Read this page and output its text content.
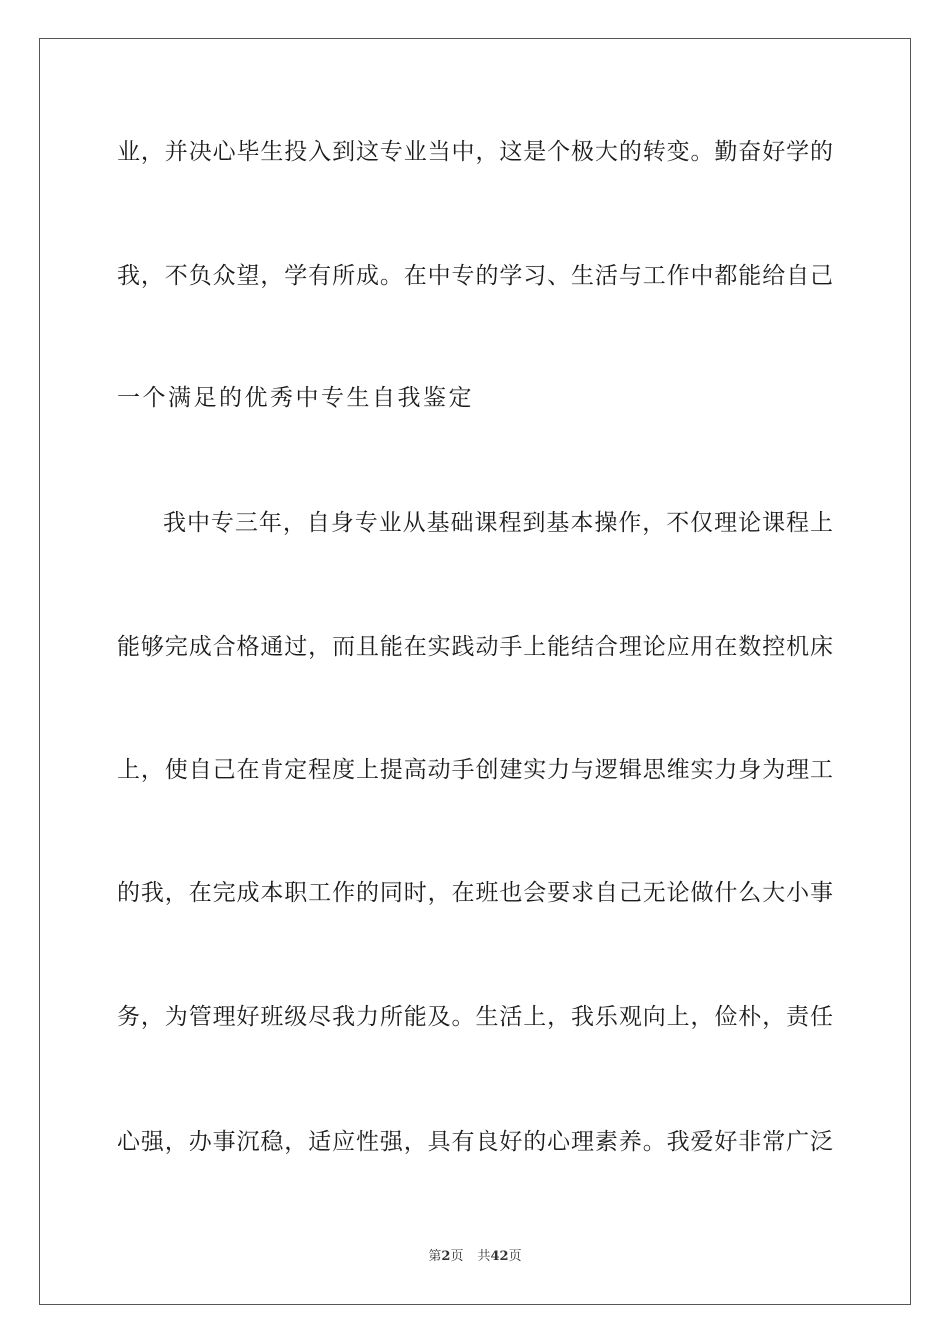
业，并决心毕生投入到这专业当中，这是个极大的转变。勤奋好学的
我，不负众望，学有所成。在中专的学习、生活与工作中都能给自己
一个满足的优秀中专生自我鉴定
我中专三年，自身专业从基础课程到基本操作，不仅理论课程上
能够完成合格通过，而且能在实践动手上能结合理论应用在数控机床
上，使自己在肯定程度上提高动手创建实力与逻辑思维实力身为理工
的我，在完成本职工作的同时，在班也会要求自己无论做什么大小事
务，为管理好班级尽我力所能及。生活上，我乐观向上，俭朴，责任
心强，办事沉稳，适应性强，具有良好的心理素养。我爱好非常广泛
第2页 共42页
